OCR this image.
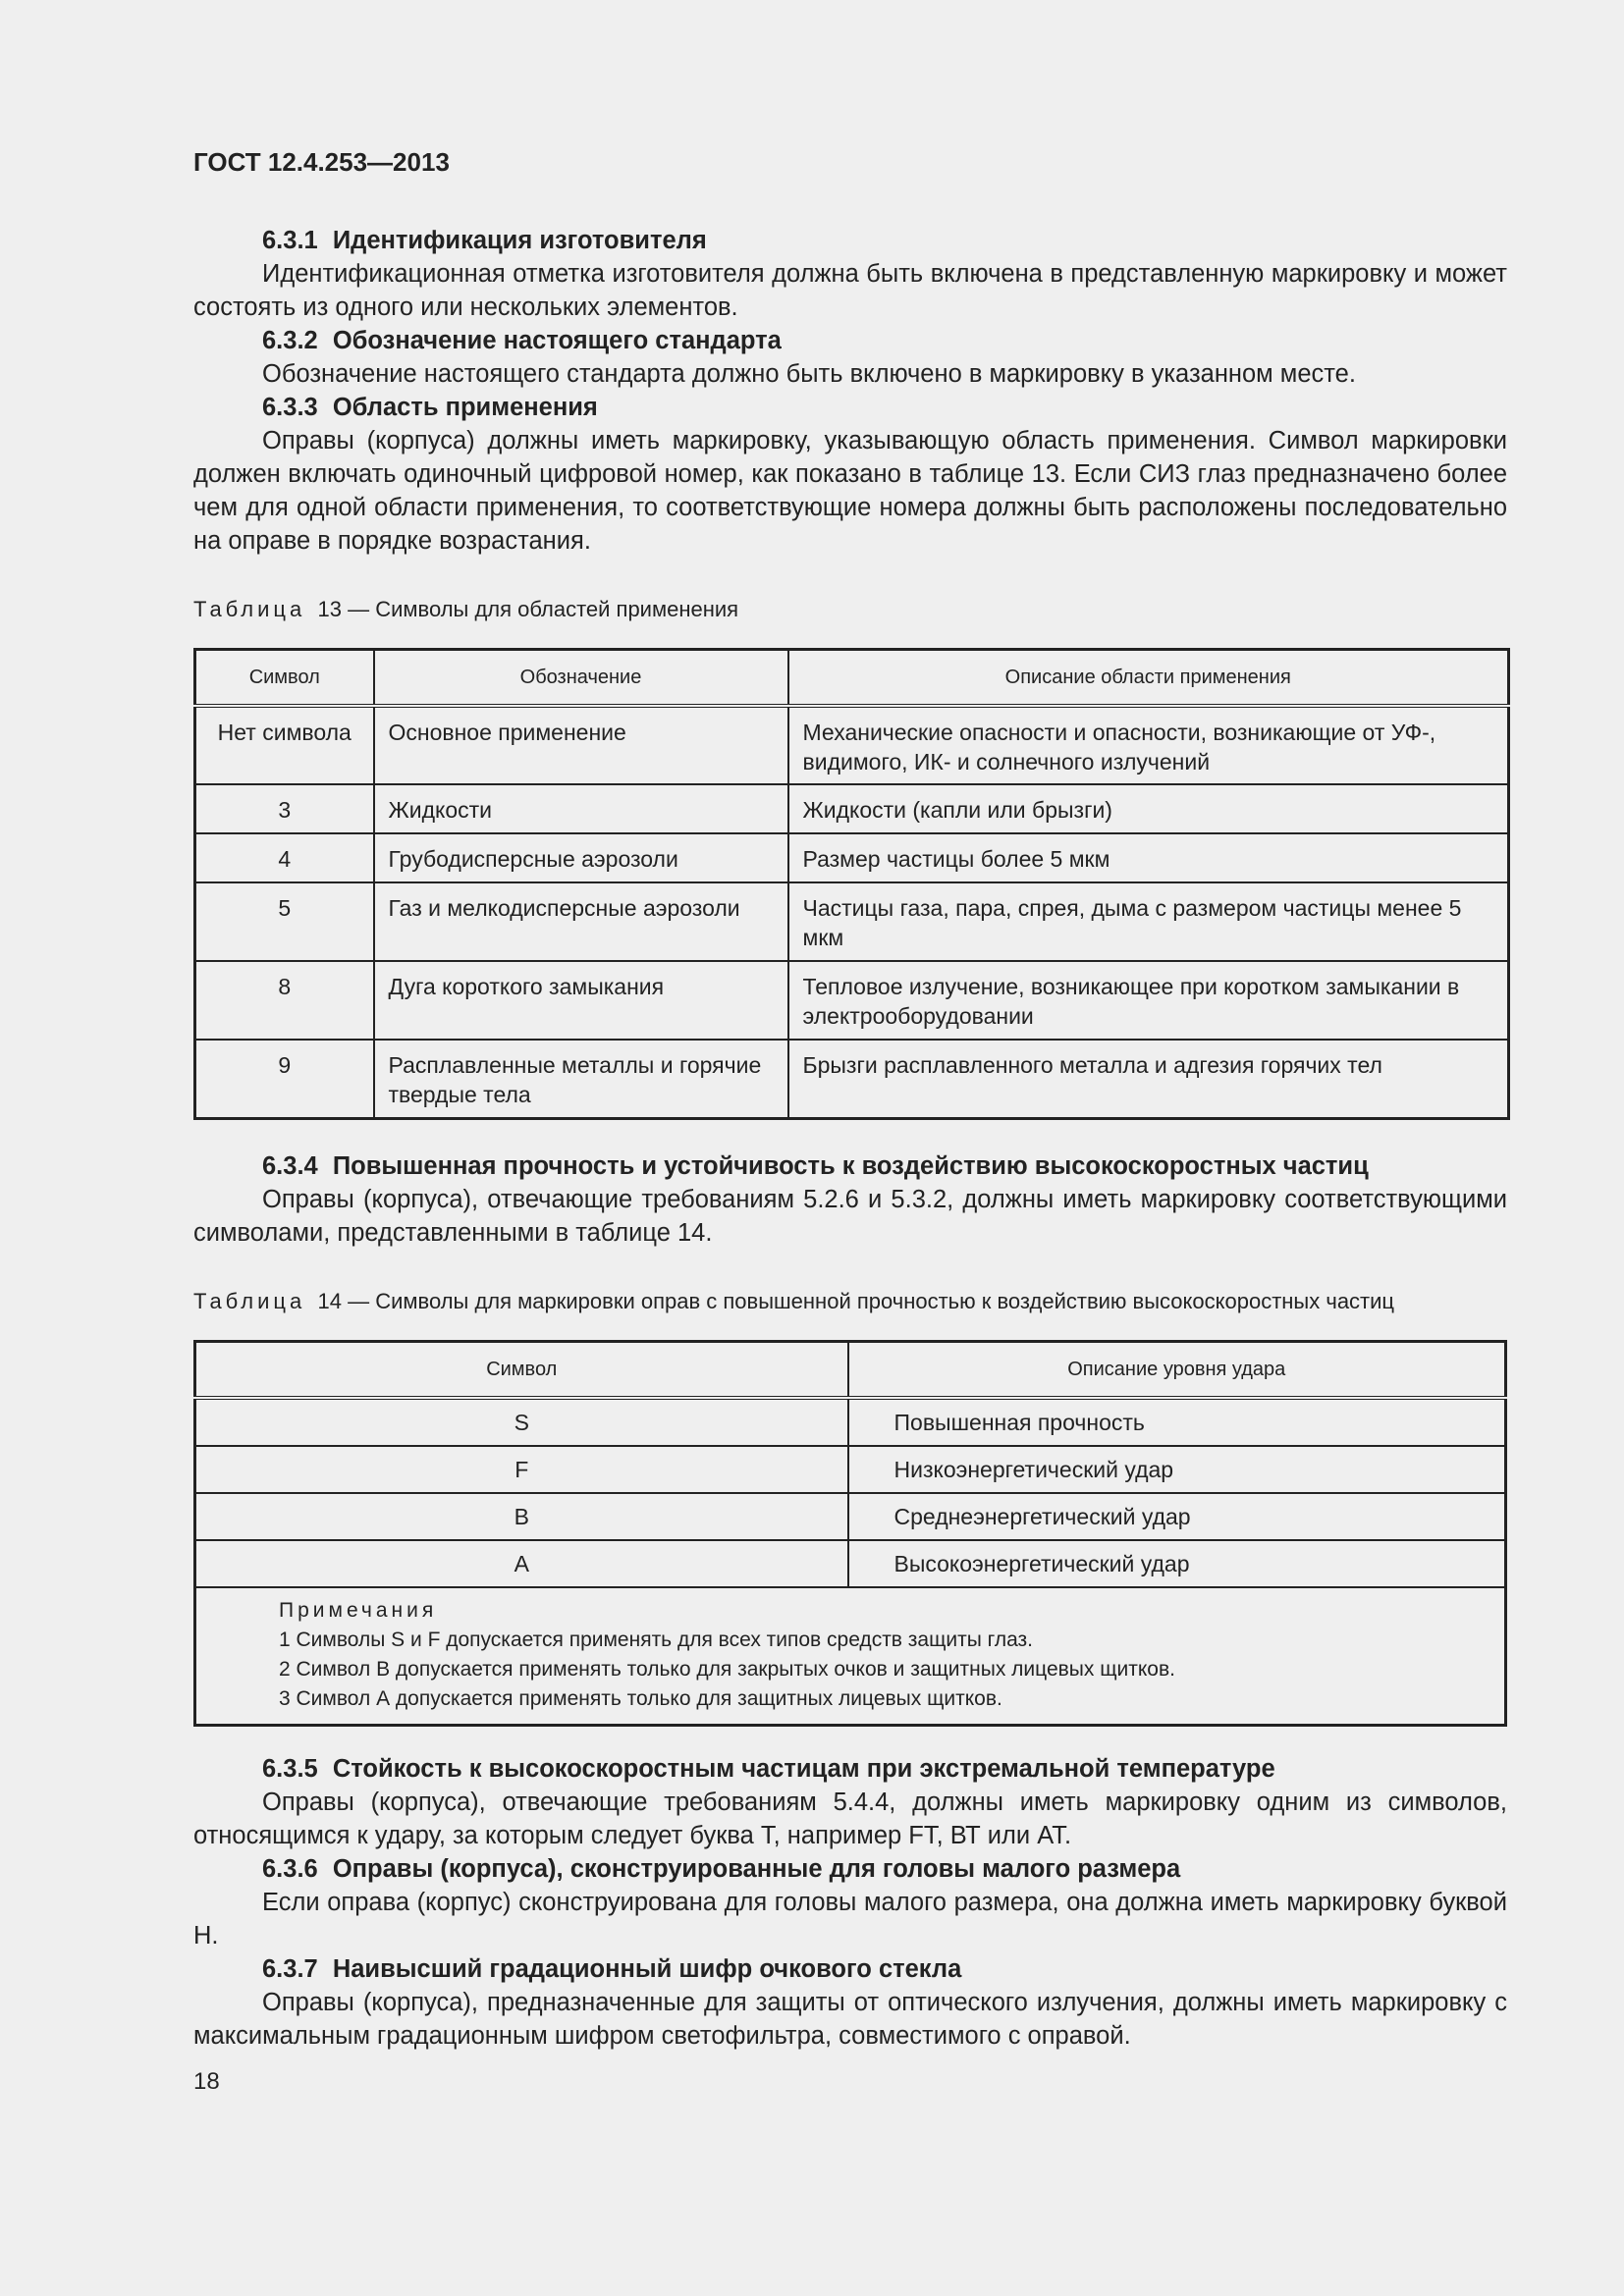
ГОСТ 12.4.253—2013
6.3.1 Идентификация изготовителя
Идентификационная отметка изготовителя должна быть включена в представленную маркировку и может состоять из одного или нескольких элементов.
6.3.2 Обозначение настоящего стандарта
Обозначение настоящего стандарта должно быть включено в маркировку в указанном месте.
6.3.3 Область применения
Оправы (корпуса) должны иметь маркировку, указывающую область применения. Символ маркировки должен включать одиночный цифровой номер, как показано в таблице 13. Если СИЗ глаз предназначено более чем для одной области применения, то соответствующие номера должны быть расположены последовательно на оправе в порядке возрастания.
Таблица 13 — Символы для областей применения
Символ	Обозначение	Описание области применения
Нет символа	Основное применение	Механические опасности и опасности, возникающие от УФ-, видимого, ИК- и солнечного излучений
3	Жидкости	Жидкости (капли или брызги)
4	Грубодисперсные аэрозоли	Размер частицы более 5 мкм
5	Газ и мелкодисперсные аэрозоли	Частицы газа, пара, спрея, дыма с размером частицы менее 5 мкм
8	Дуга короткого замыкания	Тепловое излучение, возникающее при коротком замыкании в электрооборудовании
9	Расплавленные металлы и горячие твердые тела	Брызги расплавленного металла и адгезия горячих тел
6.3.4 Повышенная прочность и устойчивость к воздействию высокоскоростных частиц
Оправы (корпуса), отвечающие требованиям 5.2.6 и 5.3.2, должны иметь маркировку соответствующими символами, представленными в таблице 14.
Таблица 14 — Символы для маркировки оправ с повышенной прочностью к воздействию высокоскоростных частиц
Символ	Описание уровня удара
S	Повышенная прочность
F	Низкоэнергетический удар
В	Среднеэнергетический удар
А	Высокоэнергетический удар

Примечания
1 Символы S и F допускается применять для всех типов средств защиты глаз.
2 Символ В допускается применять только для закрытых очков и защитных лицевых щитков.
3 Символ А допускается применять только для защитных лицевых щитков.	
6.3.5 Стойкость к высокоскоростным частицам при экстремальной температуре
Оправы (корпуса), отвечающие требованиям 5.4.4, должны иметь маркировку одним из символов, относящимся к удару, за которым следует буква Т, например FT, ВТ или АТ.
6.3.6 Оправы (корпуса), сконструированные для головы малого размера
Если оправа (корпус) сконструирована для головы малого размера, она должна иметь маркировку буквой Н.
6.3.7 Наивысший градационный шифр очкового стекла
Оправы (корпуса), предназначенные для защиты от оптического излучения, должны иметь маркировку с максимальным градационным шифром светофильтра, совместимого с оправой.
18
